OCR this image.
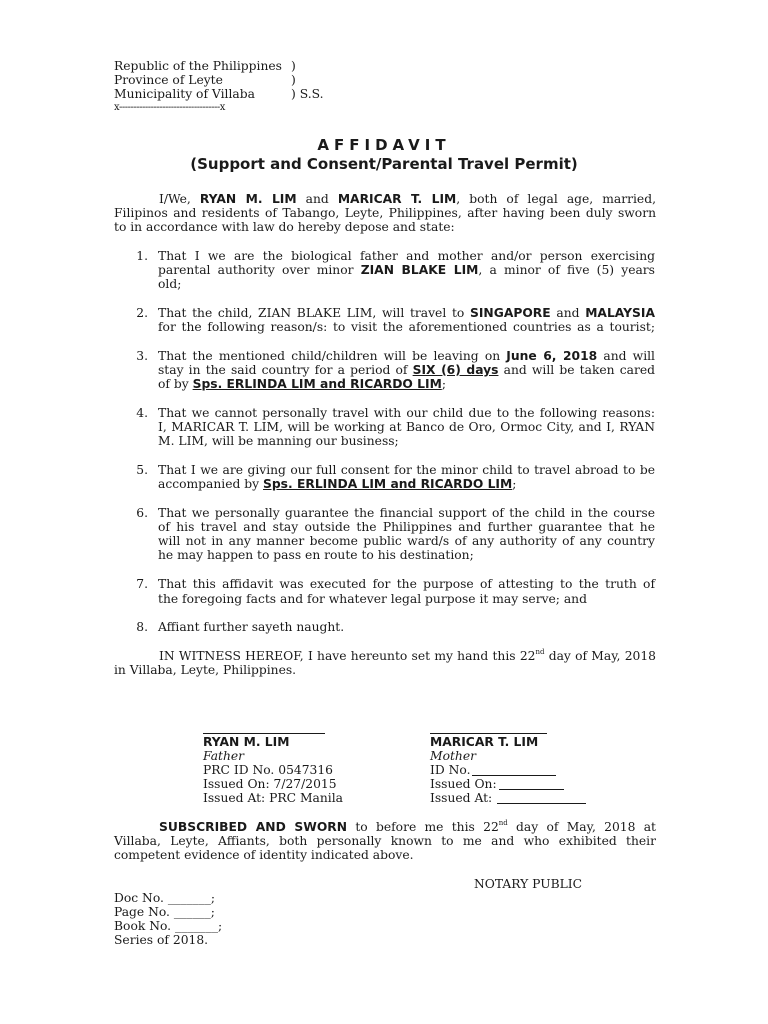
Republic of the Philippines
Province of Leyte
Municipality of Villaba
)
)
) S.S.
x-----------------------------------x
AFFIDAVIT
(Support and Consent/Parental Travel Permit)
I/We, RYAN M. LIM and MARICAR T. LIM, both of legal age, married,
Filipinos and residents of Tabango, Leyte, Philippines, after having been duly sworn
to in accordance with law do hereby depose and state:
1. That I we are the biological father and mother and/or person exercising
parental authority over minor ZIAN BLAKE LIM, a minor of five (5) years
old;
2. That the child, ZIAN BLAKE LIM, will travel to SINGAPORE and MALAYSIA
for the following reason/s: to visit the aforementioned countries as a tourist;
3. That the mentioned child/children will be leaving on June 6, 2018 and will
stay in the said country for a period of SIX (6) days and will be taken cared
of by Sps. ERLINDA LIM and RICARDO LIM;
4. That we cannot personally travel with our child due to the following reasons:
I, MARICAR T. LIM, will be working at Banco de Oro, Ormoc City, and I, RYAN
M. LIM, will be manning our business;
5. That I we are giving our full consent for the minor child to travel abroad to be
accompanied by Sps. ERLINDA LIM and RICARDO LIM;
6. That we personally guarantee the financial support of the child in the course
of his travel and stay outside the Philippines and further guarantee that he
will not in any manner become public ward/s of any authority of any country
he may happen to pass en route to his destination;
7. That this affidavit was executed for the purpose of attesting to the truth of
the foregoing facts and for whatever legal purpose it may serve; and
8. Affiant further sayeth naught.
IN WITNESS HEREOF, I have hereunto set my hand this 22nd day of May, 2018
in Villaba, Leyte, Philippines.
RYAN M. LIM
Father
PRC ID No. 0547316
Issued On: 7/27/2015
Issued At: PRC Manila
MARICAR T. LIM
Mother
ID No.
Issued On:
Issued At:
SUBSCRIBED AND SWORN to before me this 22nd day of May, 2018 at
Villaba, Leyte, Affiants, both personally known to me and who exhibited their
competent evidence of identity indicated above.
NOTARY PUBLIC
Doc No. _______;
Page No. ______;
Book No. _______;
Series of 2018.
